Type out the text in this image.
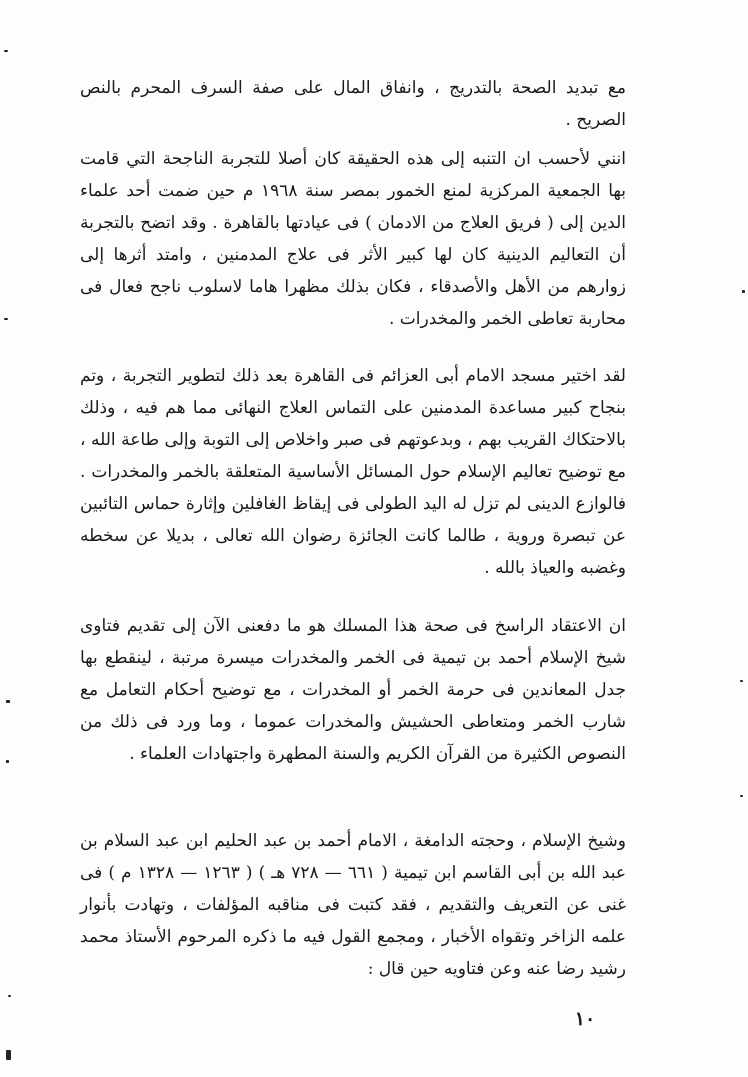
مع تبديد الصحة بالتدريج ، وانفاق المال على صفة السرف المحرم بالنص الصريح .

انني لأحسب ان التنبه إلى هذه الحقيقة كان أصلا للتجربة الناجحة التي قامت بها الجمعية المركزية لمنع الخمور بمصر سنة ١٩٦٨ م حين ضمت أحد علماء الدين إلى ( فريق العلاج من الادمان ) فى عيادتها بالقاهرة . وقد اتضح بالتجربة أن التعاليم الدينية كان لها كبير الأثر فى علاج المدمنين ، وامتد أثرها إلى زوارهم من الأهل والأصدقاء ، فكان بذلك مظهرا هاما لاسلوب ناجح فعال فى محاربة تعاطى الخمر والمخدرات .

لقد اختير مسجد الامام أبى العزائم فى القاهرة بعد ذلك لتطوير التجربة ، وتم بنجاح كبير مساعدة المدمنين على التماس العلاج النهائى مما هم فيه ، وذلك بالاحتكاك القريب بهم ، وبدعوتهم فى صبر واخلاص إلى التوبة وإلى طاعة الله ، مع توضيح تعاليم الإسلام حول المسائل الأساسية المتعلقة بالخمر والمخدرات . فالوازع الدينى لم تزل له اليد الطولى فى إيقاظ الغافلين وإثارة حماس التائبين عن تبصرة وروية ، طالما كانت الجائزة رضوان الله تعالى ، بديلا عن سخطه وغضبه والعياذ بالله .

ان الاعتقاد الراسخ فى صحة هذا المسلك هو ما دفعنى الآن إلى تقديم فتاوى شيخ الإسلام أحمد بن تيمية فى الخمر والمخدرات ميسرة مرتبة ، لينقطع بها جدل المعاندين فى حرمة الخمر أو المخدرات ، مع توضيح أحكام التعامل مع شارب الخمر ومتعاطى الحشيش والمخدرات عموما ، وما ورد فى ذلك من النصوص الكثيرة من القرآن الكريم والسنة المطهرة واجتهادات العلماء .

وشيخ الإسلام ، وحجته الدامغة ، الامام أحمد بن عبد الحليم ابن عبد السلام بن عبد الله بن أبى القاسم ابن تيمية ( ٦٦١ — ٧٢٨ هـ ) ( ١٢٦٣ — ١٣٢٨ م ) فى غنى عن التعريف والتقديم ، فقد كتبت فى مناقبه المؤلفات ، وتهادت بأنوار علمه الزاخر وتقواه الأخبار ، ومجمع القول فيه ما ذكره المرحوم الأستاذ محمد رشيد رضا عنه وعن فتاويه حين قال :

١٠
